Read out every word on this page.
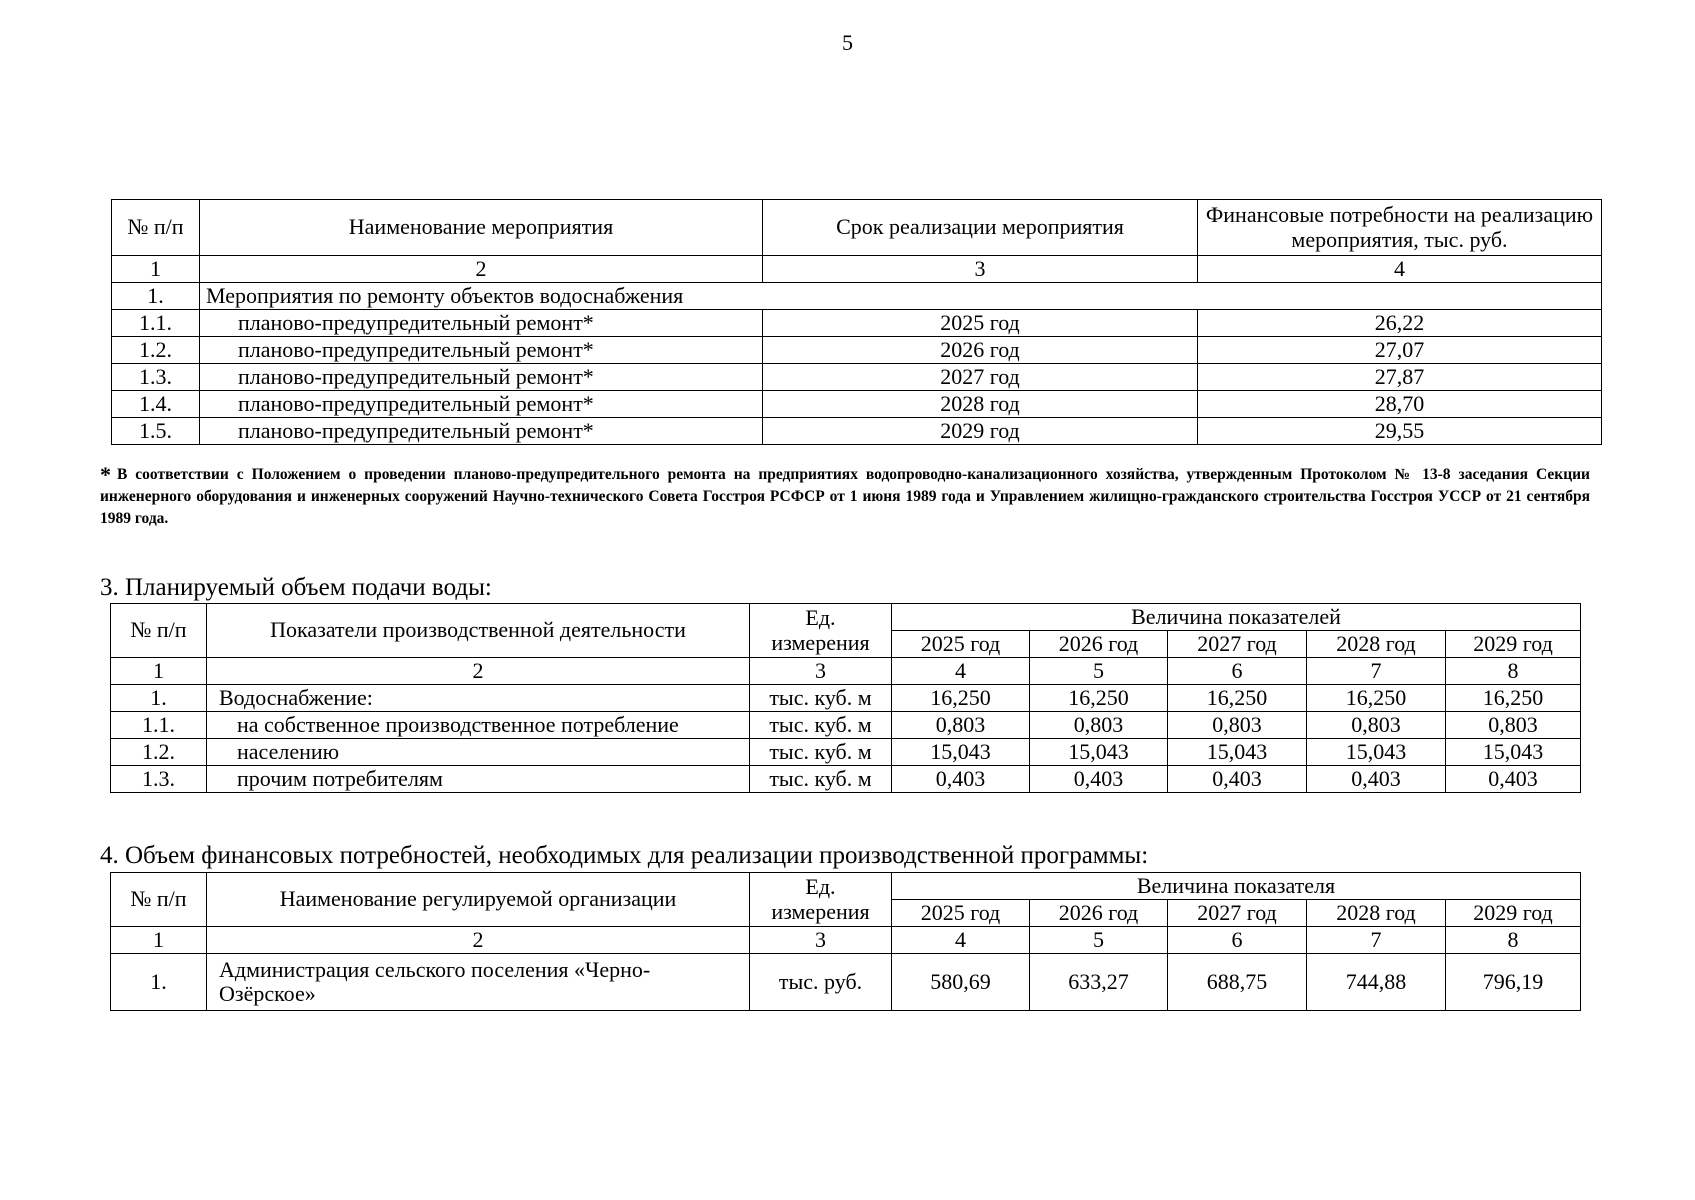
5
№ п/п	Наименование мероприятия	Срок реализации мероприятия	Финансовые потребности на реализацию мероприятия, тыс. руб.
1	2	3	4
1.	Мероприятия по ремонту объектов водоснабжения		
1.1.	планово-предупредительный ремонт*	2025 год	26,22
1.2.	планово-предупредительный ремонт*	2026 год	27,07
1.3.	планово-предупредительный ремонт*	2027 год	27,87
1.4.	планово-предупредительный ремонт*	2028 год	28,70
1.5.	планово-предупредительный ремонт*	2029 год	29,55
* В соответствии с Положением о проведении планово-предупредительного ремонта на предприятиях водопроводно-канализационного хозяйства, утвержденным Протоколом № 13-8 заседания Секции инженерного оборудования и инженерных сооружений Научно-технического Совета Госстроя РСФСР от 1 июня 1989 года и Управлением жилищно-гражданского строительства Госстроя УССР от 21 сентября 1989 года.
3. Планируемый объем подачи воды:
№ п/п	Показатели производственной деятельности	Ед. измерения	Величина показателей				
			2025 год	2026 год	2027 год	2028 год	2029 год
1	2	3	4	5	6	7	8
1.	Водоснабжение:	тыс. куб. м	16,250	16,250	16,250	16,250	16,250
1.1.	на собственное производственное потребление	тыс. куб. м	0,803	0,803	0,803	0,803	0,803
1.2.	населению	тыс. куб. м	15,043	15,043	15,043	15,043	15,043
1.3.	прочим потребителям	тыс. куб. м	0,403	0,403	0,403	0,403	0,403
4. Объем финансовых потребностей, необходимых для реализации производственной программы:
№ п/п	Наименование регулируемой организации	Ед. измерения	Величина показателя				
			2025 год	2026 год	2027 год	2028 год	2029 год
1	2	3	4	5	6	7	8
1.	Администрация сельского поселения «Черно-Озёрское»	тыс. руб.	580,69	633,27	688,75	744,88	796,19
